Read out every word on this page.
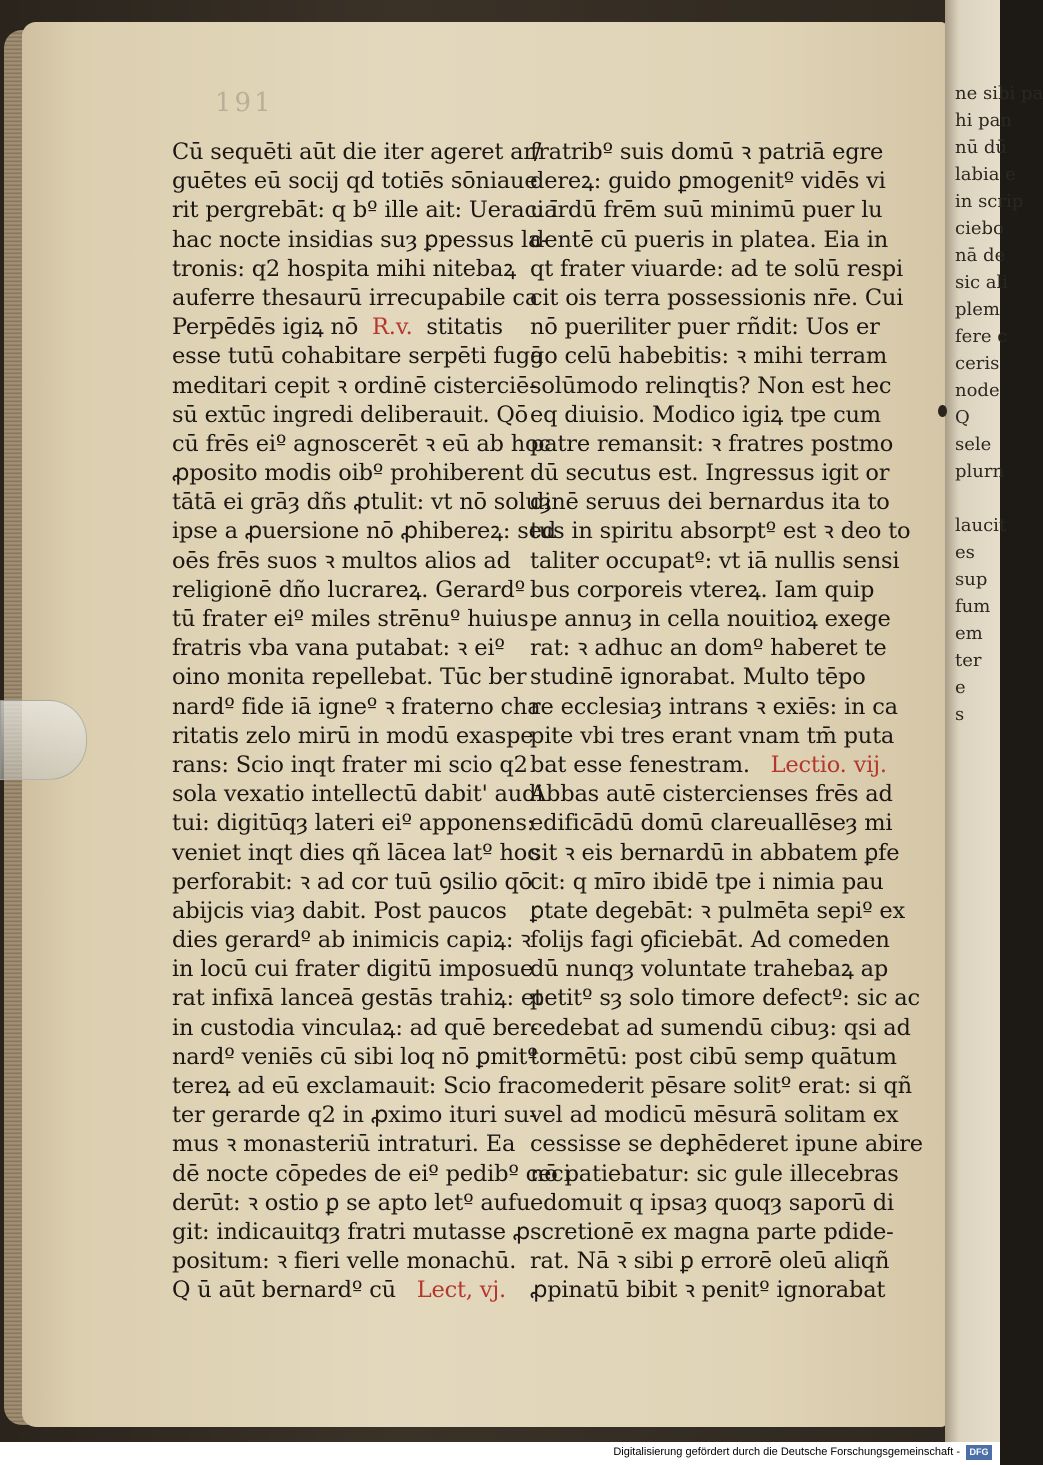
ne sibi pa
hi pan
nū dū
labia e
in scrip
ciebo
nā de
sic ali
plem
fere c
ceris
node
Q
sele
plurn

laucit
es
sup
fum
em
ter
e
s
191
Cū sequēti aūt die iter ageret ar/
guētes eū socij qd totiēs sōniaue
rit pergrebāt: q bº ille ait: Ueraci ī
hac nocte insidias suȝ ꝑpessus la-
tronis: q2 hospita mihi nitebaꝝ
auferre thesaurū irrecupabile ca
Perpēdēs igiꝝ nō  R.v.  stitatis
esse tutū cohabitare serpēti fugā
meditari cepit ꝛ ordinē cisterciē-
sū extūc ingredi deliberauit. Qō
cū frēs eiº agnoscerēt ꝛ eū ab hoc
ꝓposito modis oibº prohiberent
tātā ei grāȝ dñs ꝓtulit: vt nō soluȝ
ipse a ꝓuersione nō ꝓhibereꝝ: sed
oēs frēs suos ꝛ multos alios ad
religionē dño lucrareꝝ. Gerardº
tū frater eiº miles strēnuº huius
fratris vba vana putabat: ꝛ eiº
oino monita repellebat. Tūc ber
nardº fide iā igneº ꝛ fraterno cha
ritatis zelo mirū in modū exaspe
rans: Scio inqt frater mi scio q2
sola vexatio intellectū dabit' audi
tui: digitūqȝ lateri eiº apponens:
veniet inqt dies qñ lācea latº hoc
perforabit: ꝛ ad cor tuū ꝯsilio qō
abijcis viaȝ dabit. Post paucos
dies gerardº ab inimicis capiꝝ: ꝛ
in locū cui frater digitū imposue
rat infixā lanceā gestās trahiꝝ: et
in custodia vinculaꝝ: ad quē ber-
nardº veniēs cū sibi loq nō ꝑmitº
tereꝝ ad eū exclamauit: Scio fra
ter gerarde q2 in ꝓximo ituri su-
mus ꝛ monasteriū intraturi. Ea
dē nocte cōpedes de eiº pedibº ceci
derūt: ꝛ ostio ꝑ se apto letº aufu
git: indicauitqȝ fratri mutasse ꝓ
positum: ꝛ fieri velle monachū.
Q ū aūt bernardº cū   Lect, vj.
fratribº suis domū ꝛ patriā egre
dereꝝ: guido ꝑmogenitº vidēs vi
uardū frēm suū minimū puer lu
dentē cū pueris in platea. Eia in
qt frater viuarde: ad te solū respi
cit ois terra possessionis nr̄e. Cui
nō pueriliter puer rñdit: Uos er
go celū habebitis: ꝛ mihi terram
solūmodo relinqtis? Non est hec
eq diuisio. Modico igiꝝ tpe cum
patre remansit: ꝛ fratres postmo
dū secutus est. Ingressus igit or
dinē seruus dei bernardus ita to
tus in spiritu absorptº est ꝛ deo to
taliter occupatº: vt iā nullis sensi
bus corporeis vtereꝝ. Iam quip
pe annuȝ in cella nouitioꝝ exege
rat: ꝛ adhuc an domº haberet te
studinē ignorabat. Multo tēpo
re ecclesiaȝ intrans ꝛ exiēs: in ca
pite vbi tres erant vnam tm̄ puta
bat esse fenestram.   Lectio. vij.
Abbas autē cistercienses frēs ad
edificādū domū clareuallēseȝ mi
sit ꝛ eis bernardū in abbatem ꝑfe
cit: q mīro ibidē tpe i nimia pau
ꝑtate degebāt: ꝛ pulmēta sepiº ex
folijs fagi ꝯficiebāt. Ad comeden
dū nunqȝ voluntate trahebaꝝ ap
petitº sȝ solo timore defectº: sic ac
cedebat ad sumendū cibuȝ: qsi ad
tormētū: post cibū semp quātum
comederit pēsare solitº erat: si qñ
vel ad modicū mēsurā solitam ex
cessisse se deꝑhēderet ipune abire
nō patiebatur: sic gule illecebras
edomuit q ipsaȝ quoqȝ saporū di
scretionē ex magna parte pdide-
rat. Nā ꝛ sibi ꝑ errorē oleū aliqñ
ꝓpinatū bibit ꝛ penitº ignorabat
Digitalisierung gefördert durch die Deutsche Forschungsgemeinschaft -	DFG
